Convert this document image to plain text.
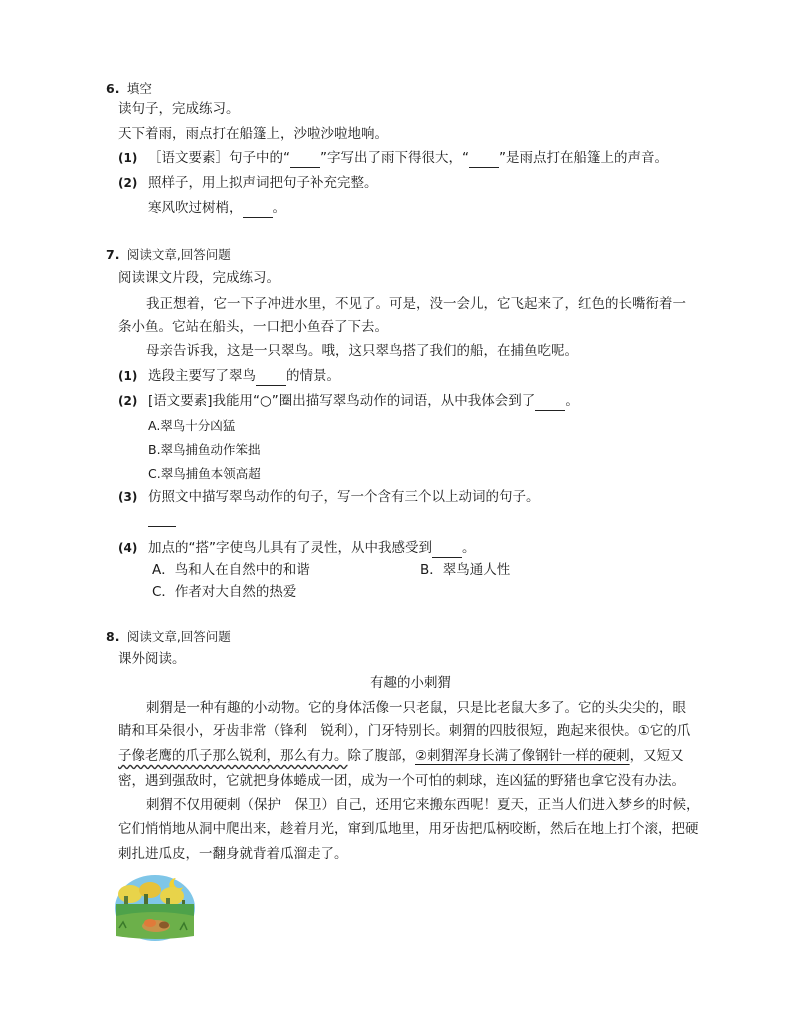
6. 填空
读句子，完成练习。
天下着雨，雨点打在船篷上，沙啦沙啦地响。
(1) ［语文要素］句子中的“ ”字写出了雨下得很大，“ ”是雨点打在船篷上的声音。
(2) 照样子，用上拟声词把句子补充完整。
寒风吹过树梢， 。
7. 阅读文章,回答问题
阅读课文片段，完成练习。
我正想着，它一下子冲进水里，不见了。可是，没一会儿，它飞起来了，红色的长嘴衔着一
条小鱼。它站在船头，一口把小鱼吞了下去。
母亲告诉我，这是一只翠鸟。哦，这只翠鸟搭了我们的船，在捕鱼吃呢。
(1) 选段主要写了翠鸟 的情景。
(2) [语文要素]我能用“○”圈出描写翠鸟动作的词语，从中我体会到了 。
A.翠鸟十分凶猛
B.翠鸟捕鱼动作笨拙
C.翠鸟捕鱼本领高超
(3) 仿照文中描写翠鸟动作的句子，写一个含有三个以上动词的句子。
(4) 加点的“搭”字使鸟儿具有了灵性，从中我感受到 。
A．鸟和人在自然中的和谐	B．翠鸟通人性
C．作者对大自然的热爱
8. 阅读文章,回答问题
课外阅读。
有趣的小刺猬
刺猬是一种有趣的小动物。它的身体活像一只老鼠，只是比老鼠大多了。它的头尖尖的，眼
睛和耳朵很小，牙齿非常（锋利　锐利），门牙特别长。刺猬的四肢很短，跑起来很快。①它的爪
子像老鹰的爪子那么锐利，那么有力。除了腹部，②刺猬浑身长满了像钢针一样的硬刺，又短又
密，遇到强敌时，它就把身体蜷成一团，成为一个可怕的刺球，连凶猛的野猪也拿它没有办法。
刺猬不仅用硬刺（保护　保卫）自己，还用它来搬东西呢！夏天，正当人们进入梦乡的时候，
它们悄悄地从洞中爬出来，趁着月光，窜到瓜地里，用牙齿把瓜柄咬断，然后在地上打个滚，把硬
刺扎进瓜皮，一翻身就背着瓜溜走了。
